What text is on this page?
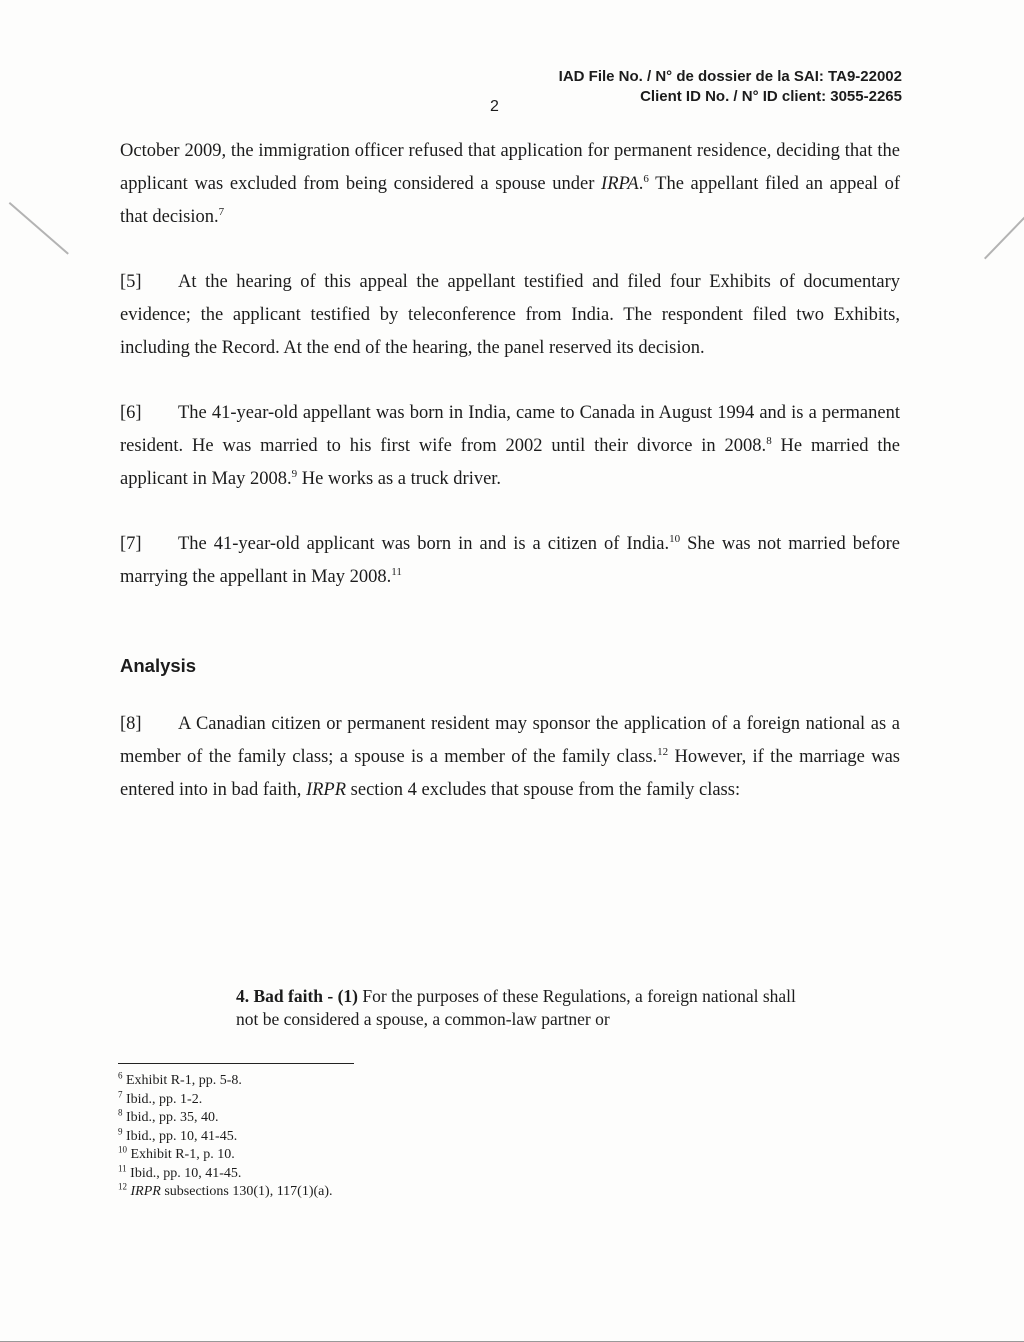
IAD File No. / N° de dossier de la SAI: TA9-22002
Client ID No. / N° ID client: 3055-2265
2

October 2009, the immigration officer refused that application for permanent residence, deciding that the applicant was excluded from being considered a spouse under IRPA.$^6$ The appellant filed an appeal of that decision.$^7$

[5] At the hearing of this appeal the appellant testified and filed four Exhibits of documentary evidence; the applicant testified by teleconference from India. The respondent filed two Exhibits, including the Record. At the end of the hearing, the panel reserved its decision.

[6] The 41-year-old appellant was born in India, came to Canada in August 1994 and is a permanent resident. He was married to his first wife from 2002 until their divorce in 2008.$^8$ He married the applicant in May 2008.$^9$ He works as a truck driver.

[7] The 41-year-old applicant was born in and is a citizen of India.$^{10}$ She was not married before marrying the appellant in May 2008.11

Analysis

[8] A Canadian citizen or permanent resident may sponsor the application of a foreign national as a member of the family class; a spouse is a member of the family class.$^{12}$ However, if the marriage was entered into in bad faith, IRPR section 4 excludes that spouse from the family class:

4. Bad faith - (1) For the purposes of these Regulations, a foreign national shall not be considered a spouse, a common-law partner or
$^6$ Exhibit R-1, pp. 5-8.
$^7$ Ibid., pp. 1-2.
$^8$ Ibid., pp. 35, 40.
$^9$ Ibid., pp. 10, 41-45.
$^{10}$ Exhibit R-1, p. 10.
$^{11}$ Ibid., pp. 10, 41-45.
$^{12}$ IRPR subsections 130(1), 117(1)(a).
